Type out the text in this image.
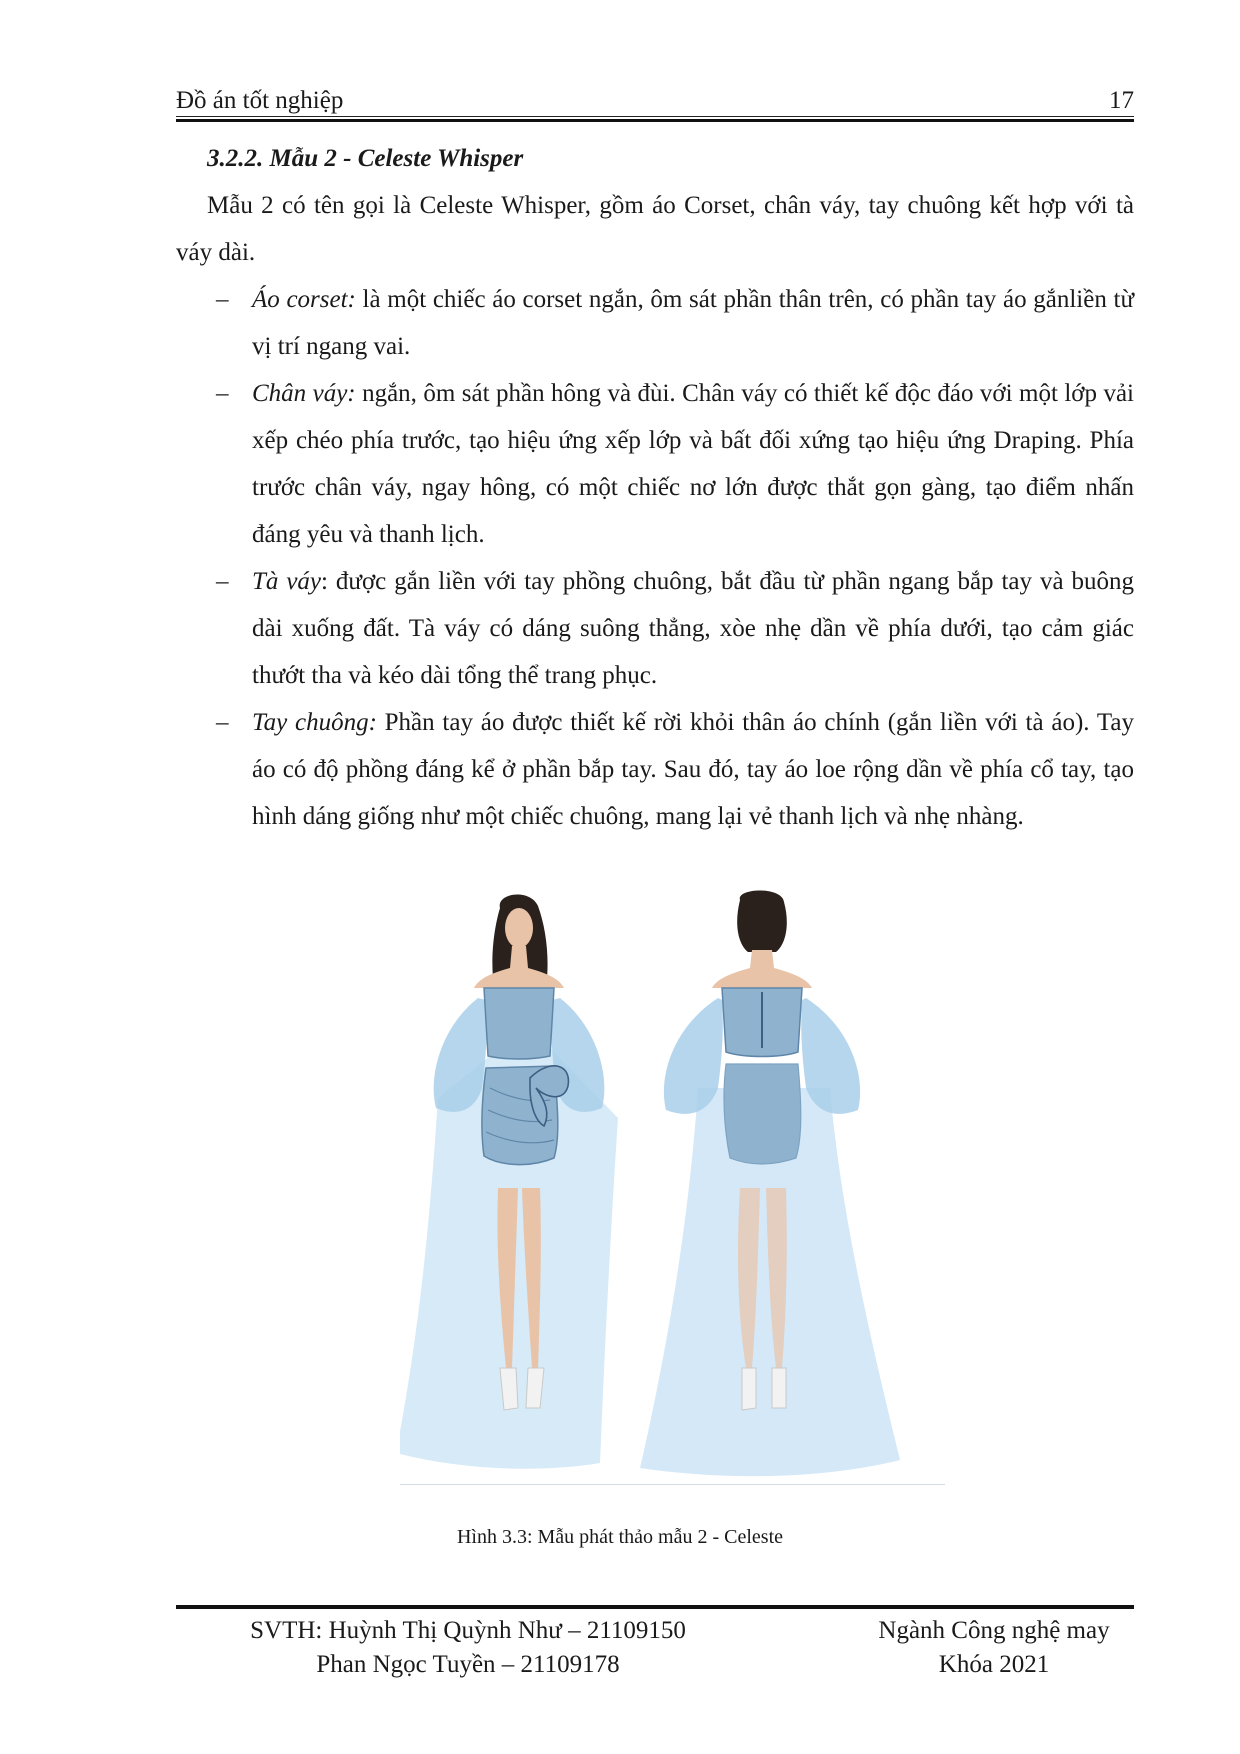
Đồ án tốt nghiệp	17
3.2.2. Mẫu 2 - Celeste Whisper

Mẫu 2 có tên gọi là Celeste Whisper, gồm áo Corset, chân váy, tay chuông kết hợp với tà váy dài.

– Áo corset: là một chiếc áo corset ngắn, ôm sát phần thân trên, có phần tay áo gắnliền từ vị trí ngang vai.
– Chân váy: ngắn, ôm sát phần hông và đùi. Chân váy có thiết kế độc đáo với một lớp vải xếp chéo phía trước, tạo hiệu ứng xếp lớp và bất đối xứng tạo hiệu ứng Draping. Phía trước chân váy, ngay hông, có một chiếc nơ lớn được thắt gọn gàng, tạo điểm nhấn đáng yêu và thanh lịch.
– Tà váy: được gắn liền với tay phồng chuông, bắt đầu từ phần ngang bắp tay và buông dài xuống đất. Tà váy có dáng suông thẳng, xòe nhẹ dần về phía dưới, tạo cảm giác thướt tha và kéo dài tổng thể trang phục.
– Tay chuông: Phần tay áo được thiết kế rời khỏi thân áo chính (gắn liền với tà áo). Tay áo có độ phồng đáng kể ở phần bắp tay. Sau đó, tay áo loe rộng dần về phía cổ tay, tạo hình dáng giống như một chiếc chuông, mang lại vẻ thanh lịch và nhẹ nhàng.
Hình 3.3: Mẫu phát thảo mẫu 2 - Celeste
SVTH: Huỳnh Thị Quỳnh Như – 21109150
Phan Ngọc Tuyền – 21109178
Ngành Công nghệ may
Khóa 2021
